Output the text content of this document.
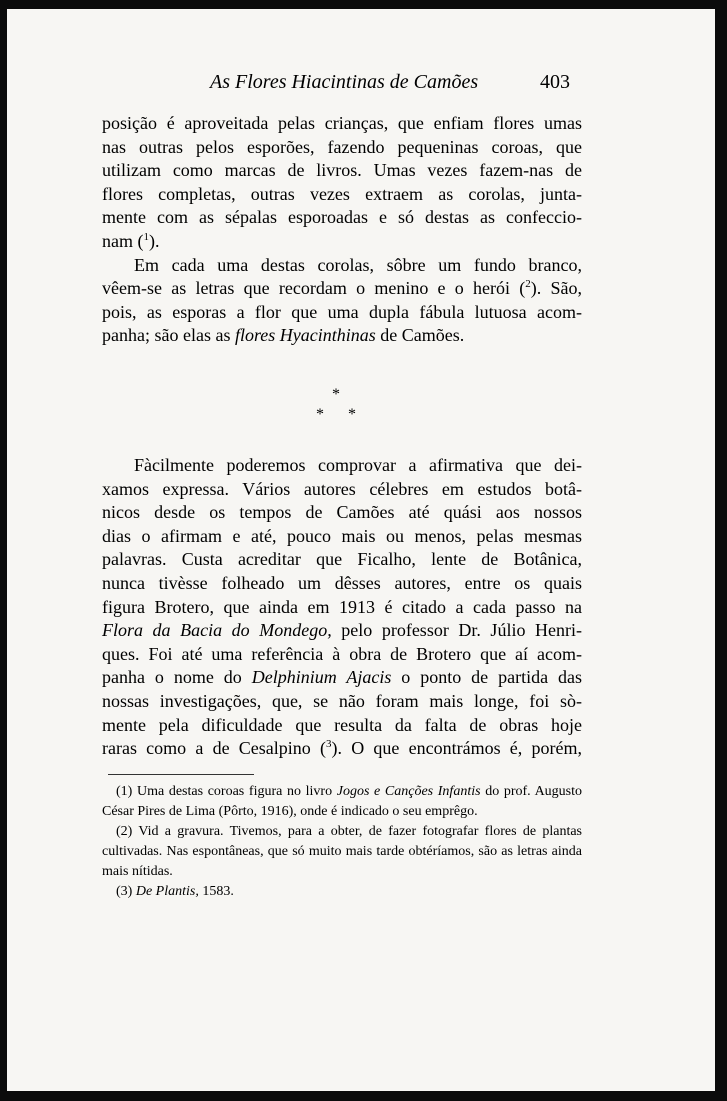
As Flores Hiacintinas de Camões	403

posição é aproveitada pelas crianças, que enfiam flores umas

nas outras pelos esporões, fazendo pequeninas coroas, que

utilizam como marcas de livros. Umas vezes fazem-nas de

flores completas, outras vezes extraem as corolas, junta-

mente com as sépalas esporoadas e só destas as confeccio-

nam ($^1$).

Em cada uma destas corolas, sôbre um fundo branco,

vêem-se as letras que recordam o menino e o herói ($^2$). São,

pois, as esporas a flor que uma dupla fábula lutuosa acom-

panha; são elas as flores Hyacinthinas de Camões.

*
* *

Fàcilmente poderemos comprovar a afirmativa que dei-

xamos expressa. Vários autores célebres em estudos botâ-

nicos desde os tempos de Camões até quási aos nossos

dias o afirmam e até, pouco mais ou menos, pelas mesmas

palavras. Custa acreditar que Ficalho, lente de Botânica,

nunca tivèsse folheado um dêsses autores, entre os quais

figura Brotero, que ainda em 1913 é citado a cada passo na

Flora da Bacia do Mondego, pelo professor Dr. Júlio Henri-

ques. Foi até uma referência à obra de Brotero que aí acom-

panha o nome do Delphinium Ajacis o ponto de partida das

nossas investigações, que, se não foram mais longe, foi sò-

mente pela dificuldade que resulta da falta de obras hoje

raras como a de Cesalpino ($^3$). O que encontrámos é, porém,

(1) Uma destas coroas figura no livro Jogos e Canções Infantis do prof. Augusto César Pires de Lima (Pôrto, 1916), onde é indicado o seu emprêgo.

(2) Vid a gravura. Tivemos, para a obter, de fazer fotografar flores de plantas cultivadas. Nas espontâneas, que só muito mais tarde obtéríamos, são as letras ainda mais nítidas.

(3) De Plantis, 1583.
